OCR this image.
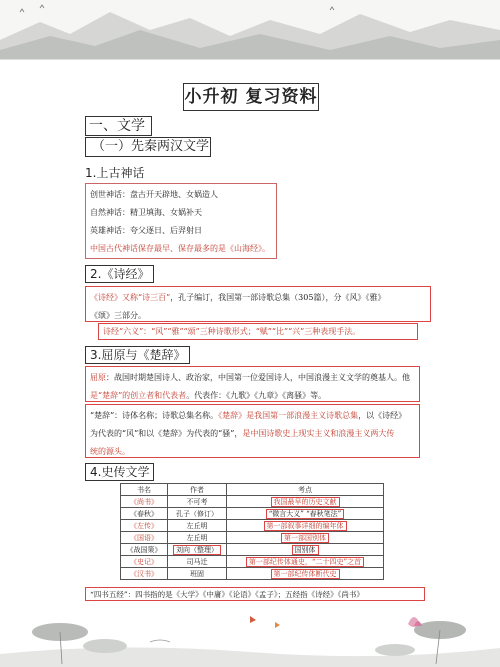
小升初 复习资料
一、文学
（一）先秦两汉文学
1.上古神话
创世神话：盘古开天辟地、女娲造人
自然神话：精卫填海、女娲补天
英雄神话：夸父逐日、后羿射日
中国古代神话保存最早、保存最多的是《山海经》。
2.《诗经》
《诗经》又称“诗三百”，孔子编订，我国第一部诗歌总集（305篇），分《风》《雅》
《颂》三部分。
诗经“六义”：“风”“雅”“颂”三种诗歌形式；“赋”“比”“兴”三种表现手法。
3.屈原与《楚辞》
屈原：战国时期楚国诗人、政治家，中国第一位爱国诗人，中国浪漫主义文学的奠基人。他
是“楚辞”的创立者和代表者。代表作：《九歌》《九章》《离骚》等。
“楚辞”：诗体名称；诗歌总集名称。《楚辞》是我国第一部浪漫主义诗歌总集，以《诗经》
为代表的“风”和以《楚辞》为代表的“骚”，是中国诗歌史上现实主义和浪漫主义两大传
统的源头。
4.史传文学
书名	作者	考点
《尚书》	不可考	我国最早的历史文献
《春秋》	孔子（修订）	“微言大义” “春秋笔法”
《左传》	左丘明	第一部叙事详细的编年体
《国语》	左丘明	第一部国别体
《战国策》	刘向（整理）	国别体
《史记》	司马迁	第一部纪传体通史，“二十四史”之首
《汉书》	班固	第一部纪传体断代史
“四书五经”：四书指的是《大学》《中庸》《论语》《孟子》；五经指《诗经》《尚书》
